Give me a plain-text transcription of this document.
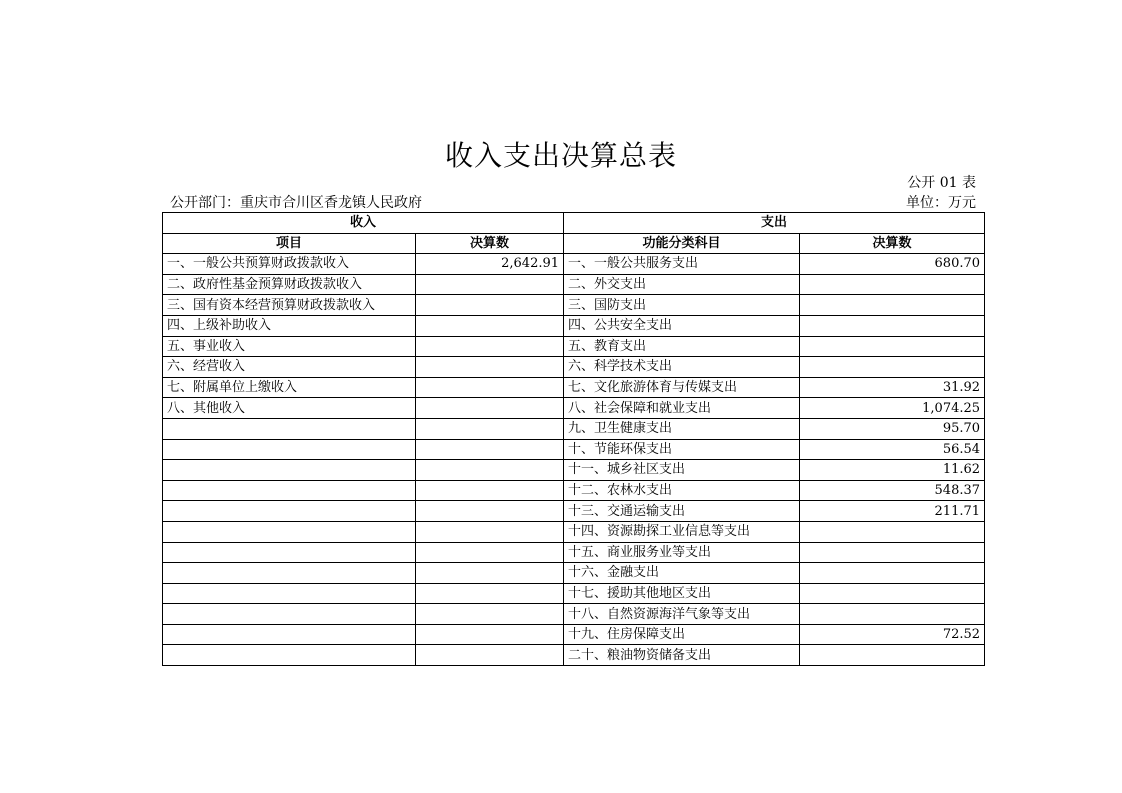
收入支出决算总表
公开 01 表
公开部门：重庆市合川区香龙镇人民政府	单位：万元
收入		支出	
项目	决算数	功能分类科目	决算数
一、一般公共预算财政拨款收入	2,642.91	一、一般公共服务支出	680.70
二、政府性基金预算财政拨款收入		二、外交支出	
三、国有资本经营预算财政拨款收入		三、国防支出	
四、上级补助收入		四、公共安全支出	
五、事业收入		五、教育支出	
六、经营收入		六、科学技术支出	
七、附属单位上缴收入		七、文化旅游体育与传媒支出	31.92
八、其他收入		八、社会保障和就业支出	1,074.25
		九、卫生健康支出	95.70
		十、节能环保支出	56.54
		十一、城乡社区支出	11.62
		十二、农林水支出	548.37
		十三、交通运输支出	211.71
		十四、资源勘探工业信息等支出	
		十五、商业服务业等支出	
		十六、金融支出	
		十七、援助其他地区支出	
		十八、自然资源海洋气象等支出	
		十九、住房保障支出	72.52
		二十、粮油物资储备支出	
